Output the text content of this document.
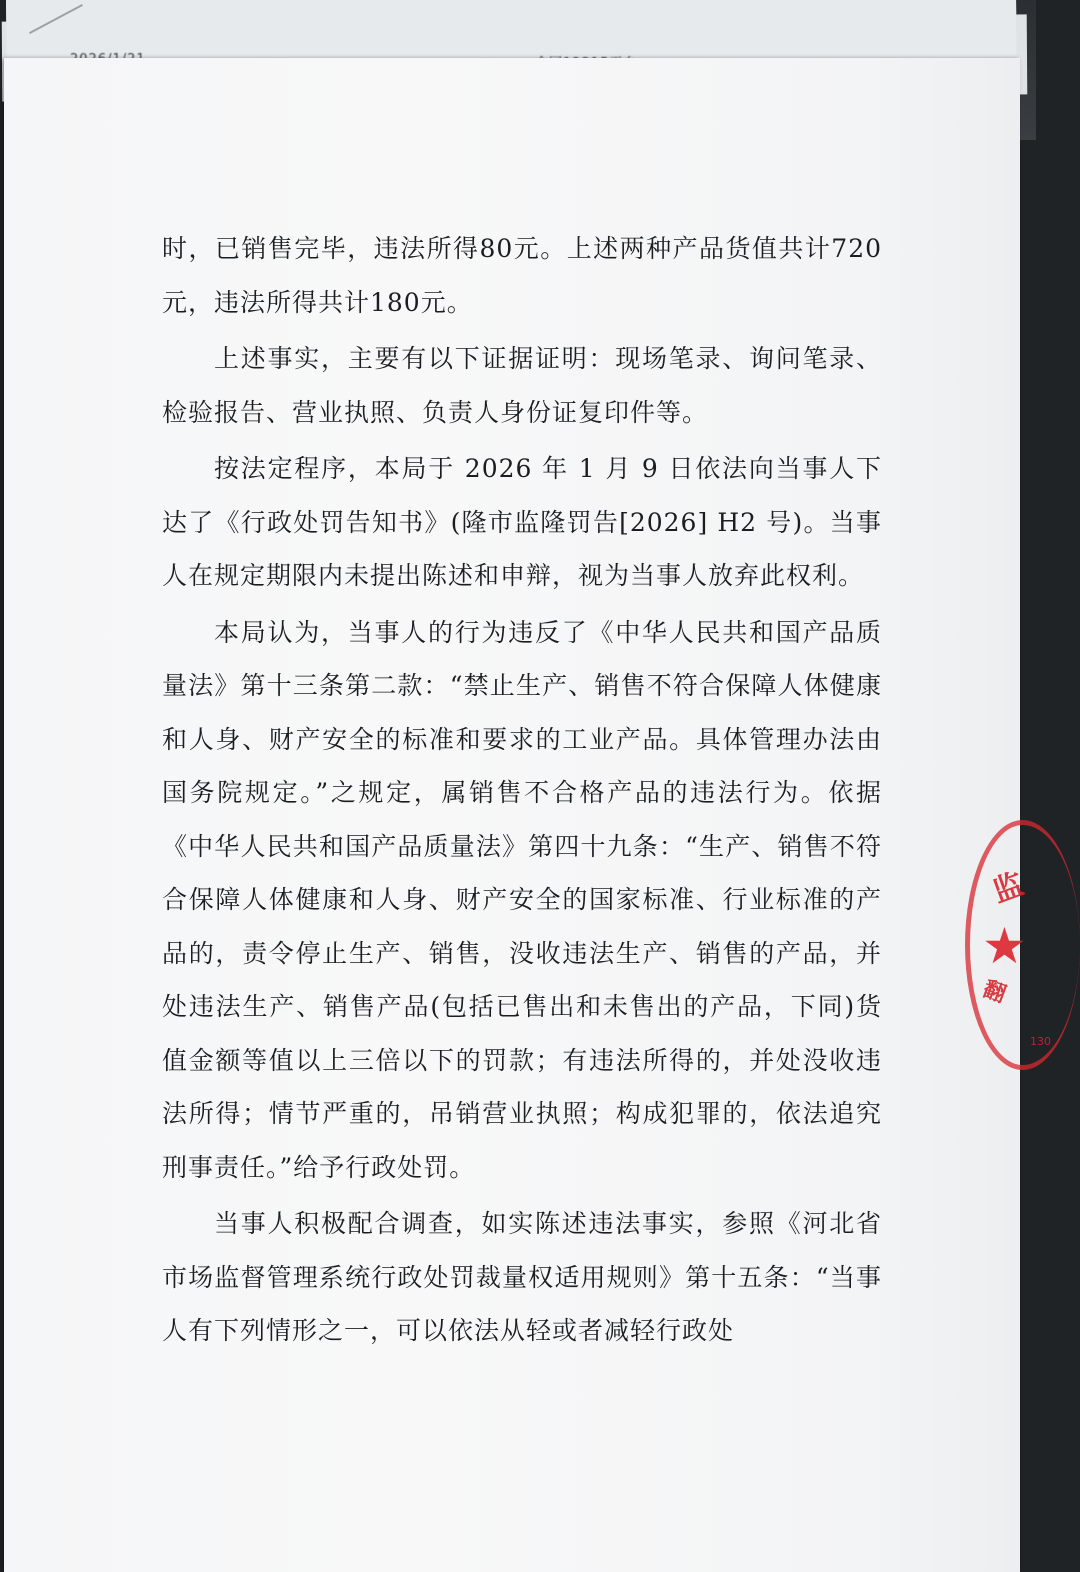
时，已销售完毕，违法所得80元。上述两种产品货值共计720元，违法所得共计180元。

上述事实，主要有以下证据证明：现场笔录、询问笔录、检验报告、营业执照、负责人身份证复印件等。

按法定程序，本局于 2026 年 1 月 9 日依法向当事人下达了《行政处罚告知书》(隆市监隆罚告[2026] H2 号)。当事人在规定期限内未提出陈述和申辩，视为当事人放弃此权利。

本局认为，当事人的行为违反了《中华人民共和国产品质量法》第十三条第二款：“禁止生产、销售不符合保障人体健康和人身、财产安全的标准和要求的工业产品。具体管理办法由国务院规定。”之规定，属销售不合格产品的违法行为。依据《中华人民共和国产品质量法》第四十九条：“生产、销售不符合保障人体健康和人身、财产安全的国家标准、行业标准的产品的，责令停止生产、销售，没收违法生产、销售的产品，并处违法生产、销售产品(包括已售出和未售出的产品，下同)货值金额等值以上三倍以下的罚款；有违法所得的，并处没收违法所得；情节严重的，吊销营业执照；构成犯罪的，依法追究刑事责任。”给予行政处罚。

当事人积极配合调查，如实陈述违法事实，参照《河北省市场监督管理系统行政处罚裁量权适用规则》第十五条：“当事人有下列情形之一，可以依法从轻或者减轻行政处

监
★
翻
130
